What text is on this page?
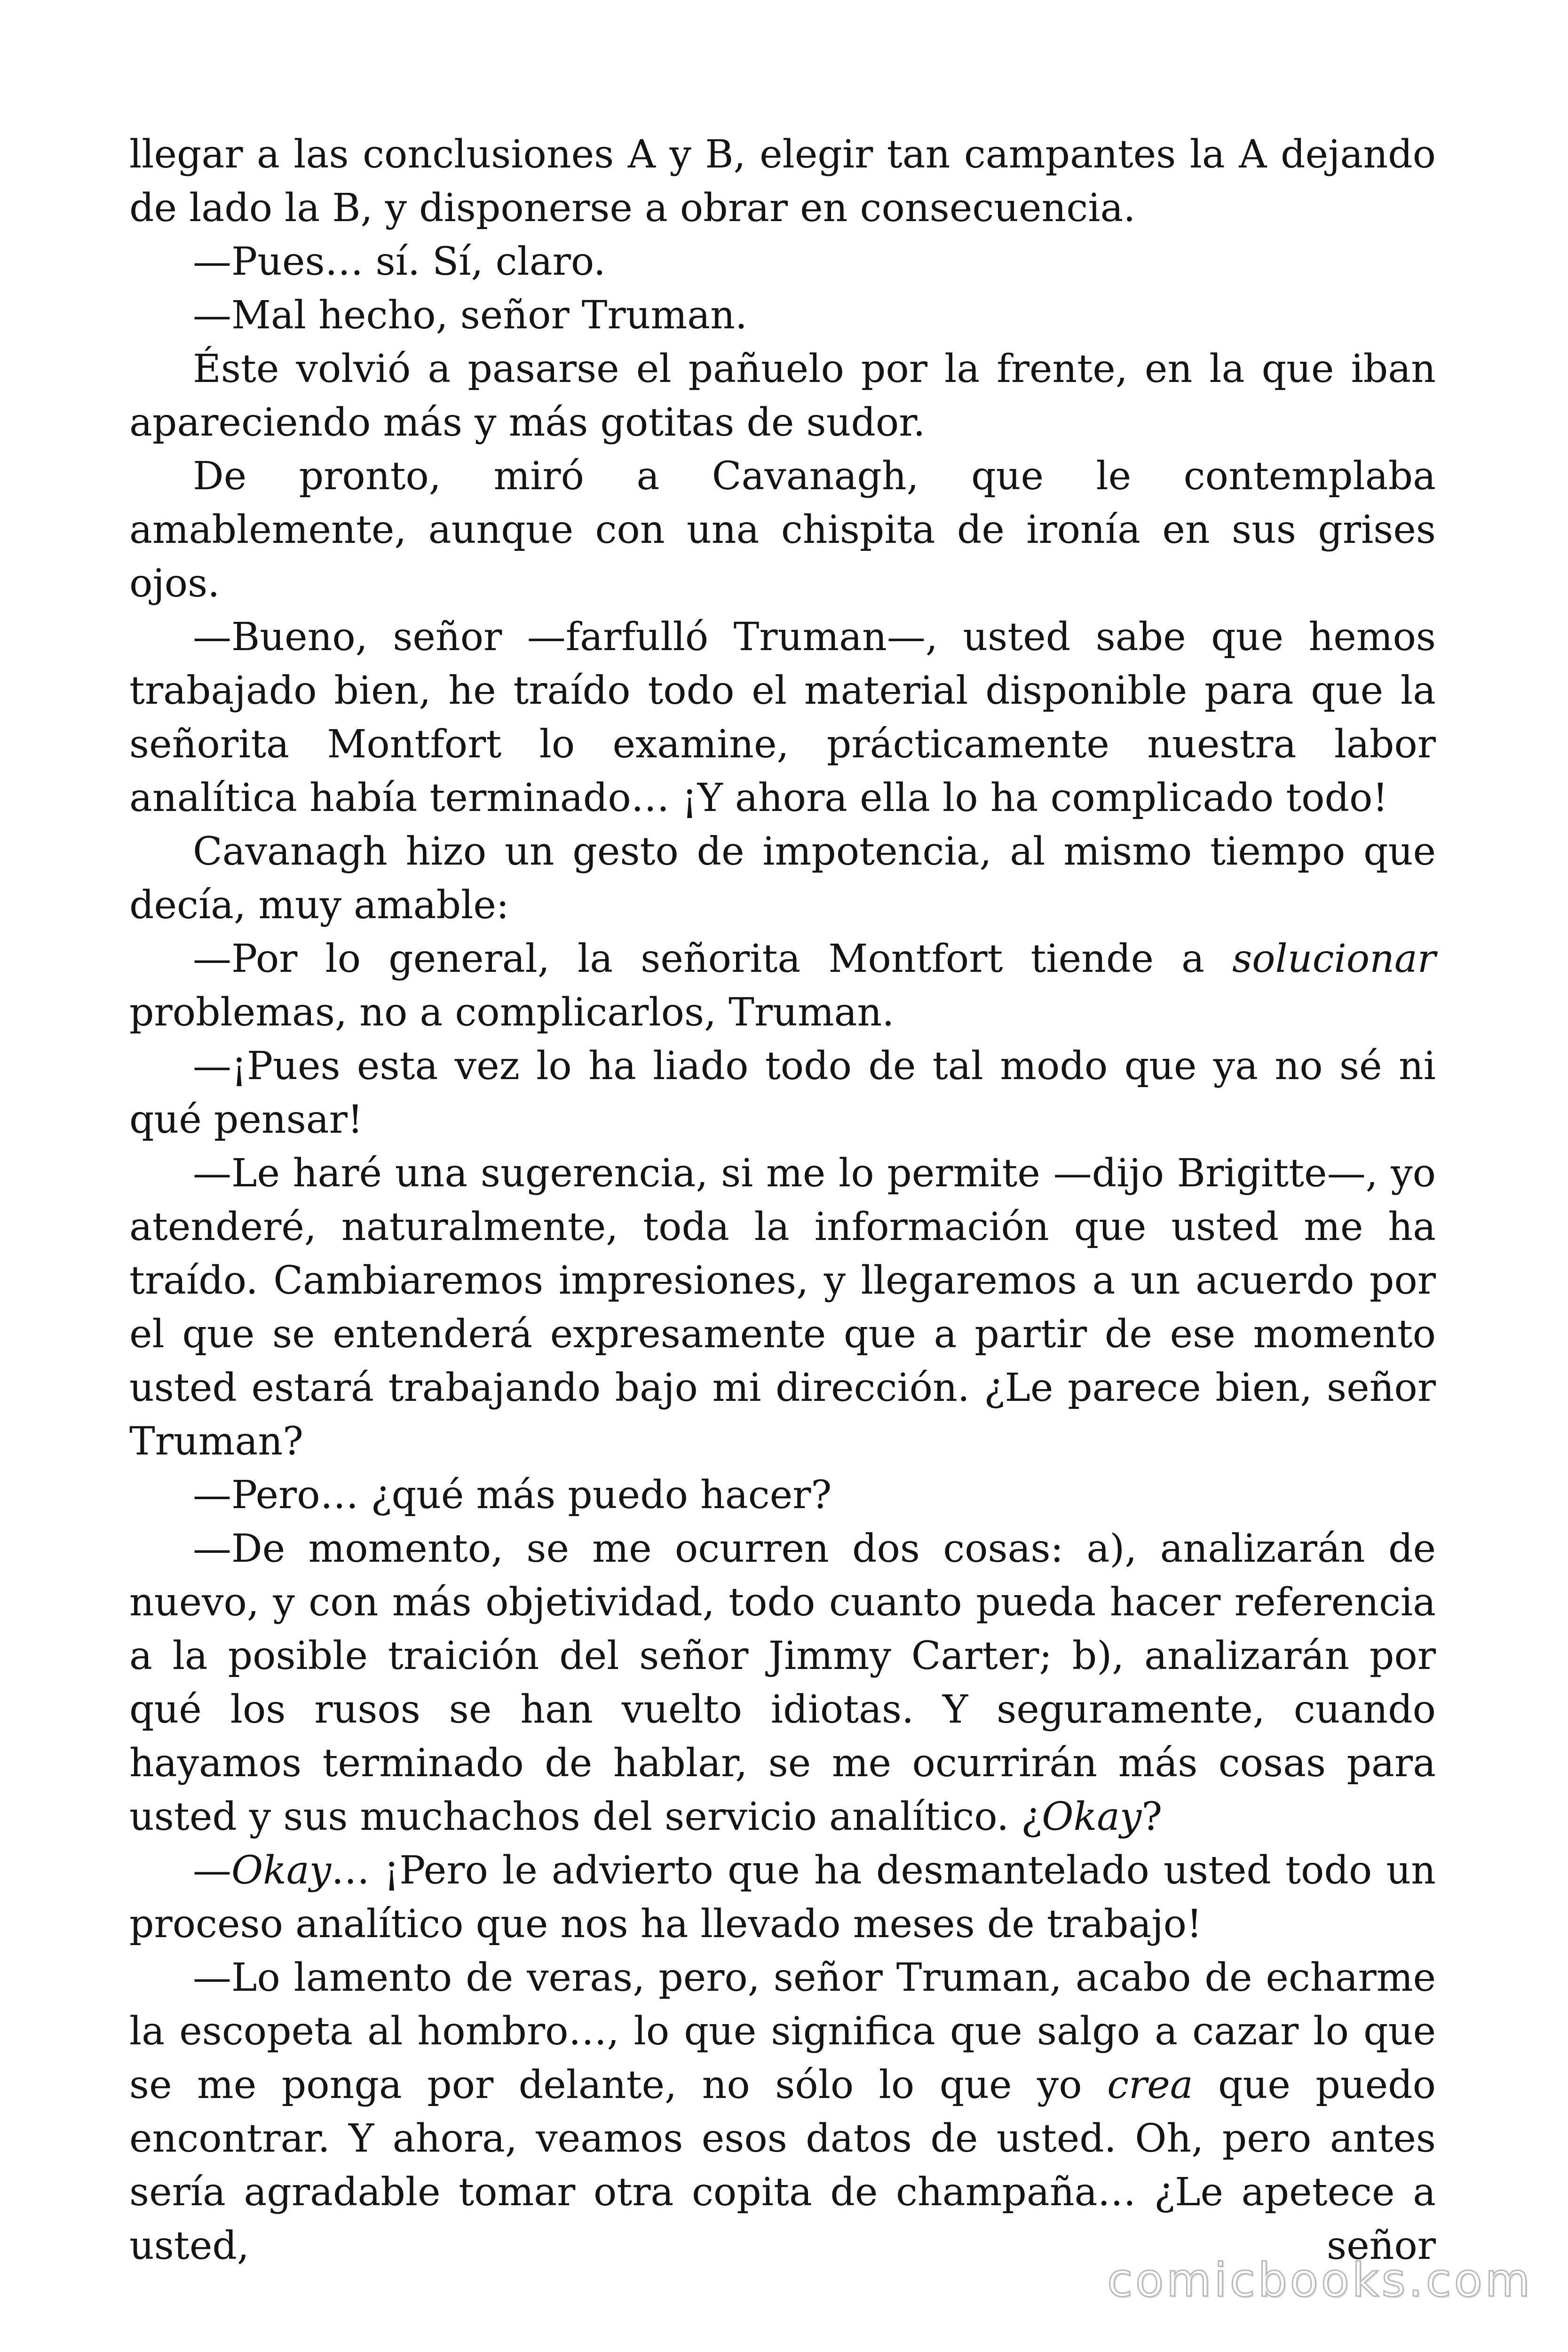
llegar a las conclusiones A y B, elegir tan campantes la A dejando de lado la B, y disponerse a obrar en consecuencia.

—Pues… sí. Sí, claro.

—Mal hecho, señor Truman.

Éste volvió a pasarse el pañuelo por la frente, en la que iban apareciendo más y más gotitas de sudor.

De pronto, miró a Cavanagh, que le contemplaba amablemente, aunque con una chispita de ironía en sus grises ojos.

—Bueno, señor —farfulló Truman—, usted sabe que hemos trabajado bien, he traído todo el material disponible para que la señorita Montfort lo examine, prácticamente nuestra labor analítica había terminado… ¡Y ahora ella lo ha complicado todo!

Cavanagh hizo un gesto de impotencia, al mismo tiempo que decía, muy amable:

—Por lo general, la señorita Montfort tiende a solucionar problemas, no a complicarlos, Truman.

—¡Pues esta vez lo ha liado todo de tal modo que ya no sé ni qué pensar!

—Le haré una sugerencia, si me lo permite —dijo Brigitte—, yo atenderé, naturalmente, toda la información que usted me ha traído. Cambiaremos impresiones, y llegaremos a un acuerdo por el que se entenderá expresamente que a partir de ese momento usted estará trabajando bajo mi dirección. ¿Le parece bien, señor Truman?

—Pero… ¿qué más puedo hacer?

—De momento, se me ocurren dos cosas: a), analizarán de nuevo, y con más objetividad, todo cuanto pueda hacer referencia a la posible traición del señor Jimmy Carter; b), analizarán por qué los rusos se han vuelto idiotas. Y seguramente, cuando hayamos terminado de hablar, se me ocurrirán más cosas para usted y sus muchachos del servicio analítico. ¿Okay?

—Okay… ¡Pero le advierto que ha desmantelado usted todo un proceso analítico que nos ha llevado meses de trabajo!

—Lo lamento de veras, pero, señor Truman, acabo de echarme la escopeta al hombro…, lo que significa que salgo a cazar lo que se me ponga por delante, no sólo lo que yo crea que puedo encontrar. Y ahora, veamos esos datos de usted. Oh, pero antes sería agradable tomar otra copita de champaña… ¿Le apetece a usted, señor

comicbooks.com
